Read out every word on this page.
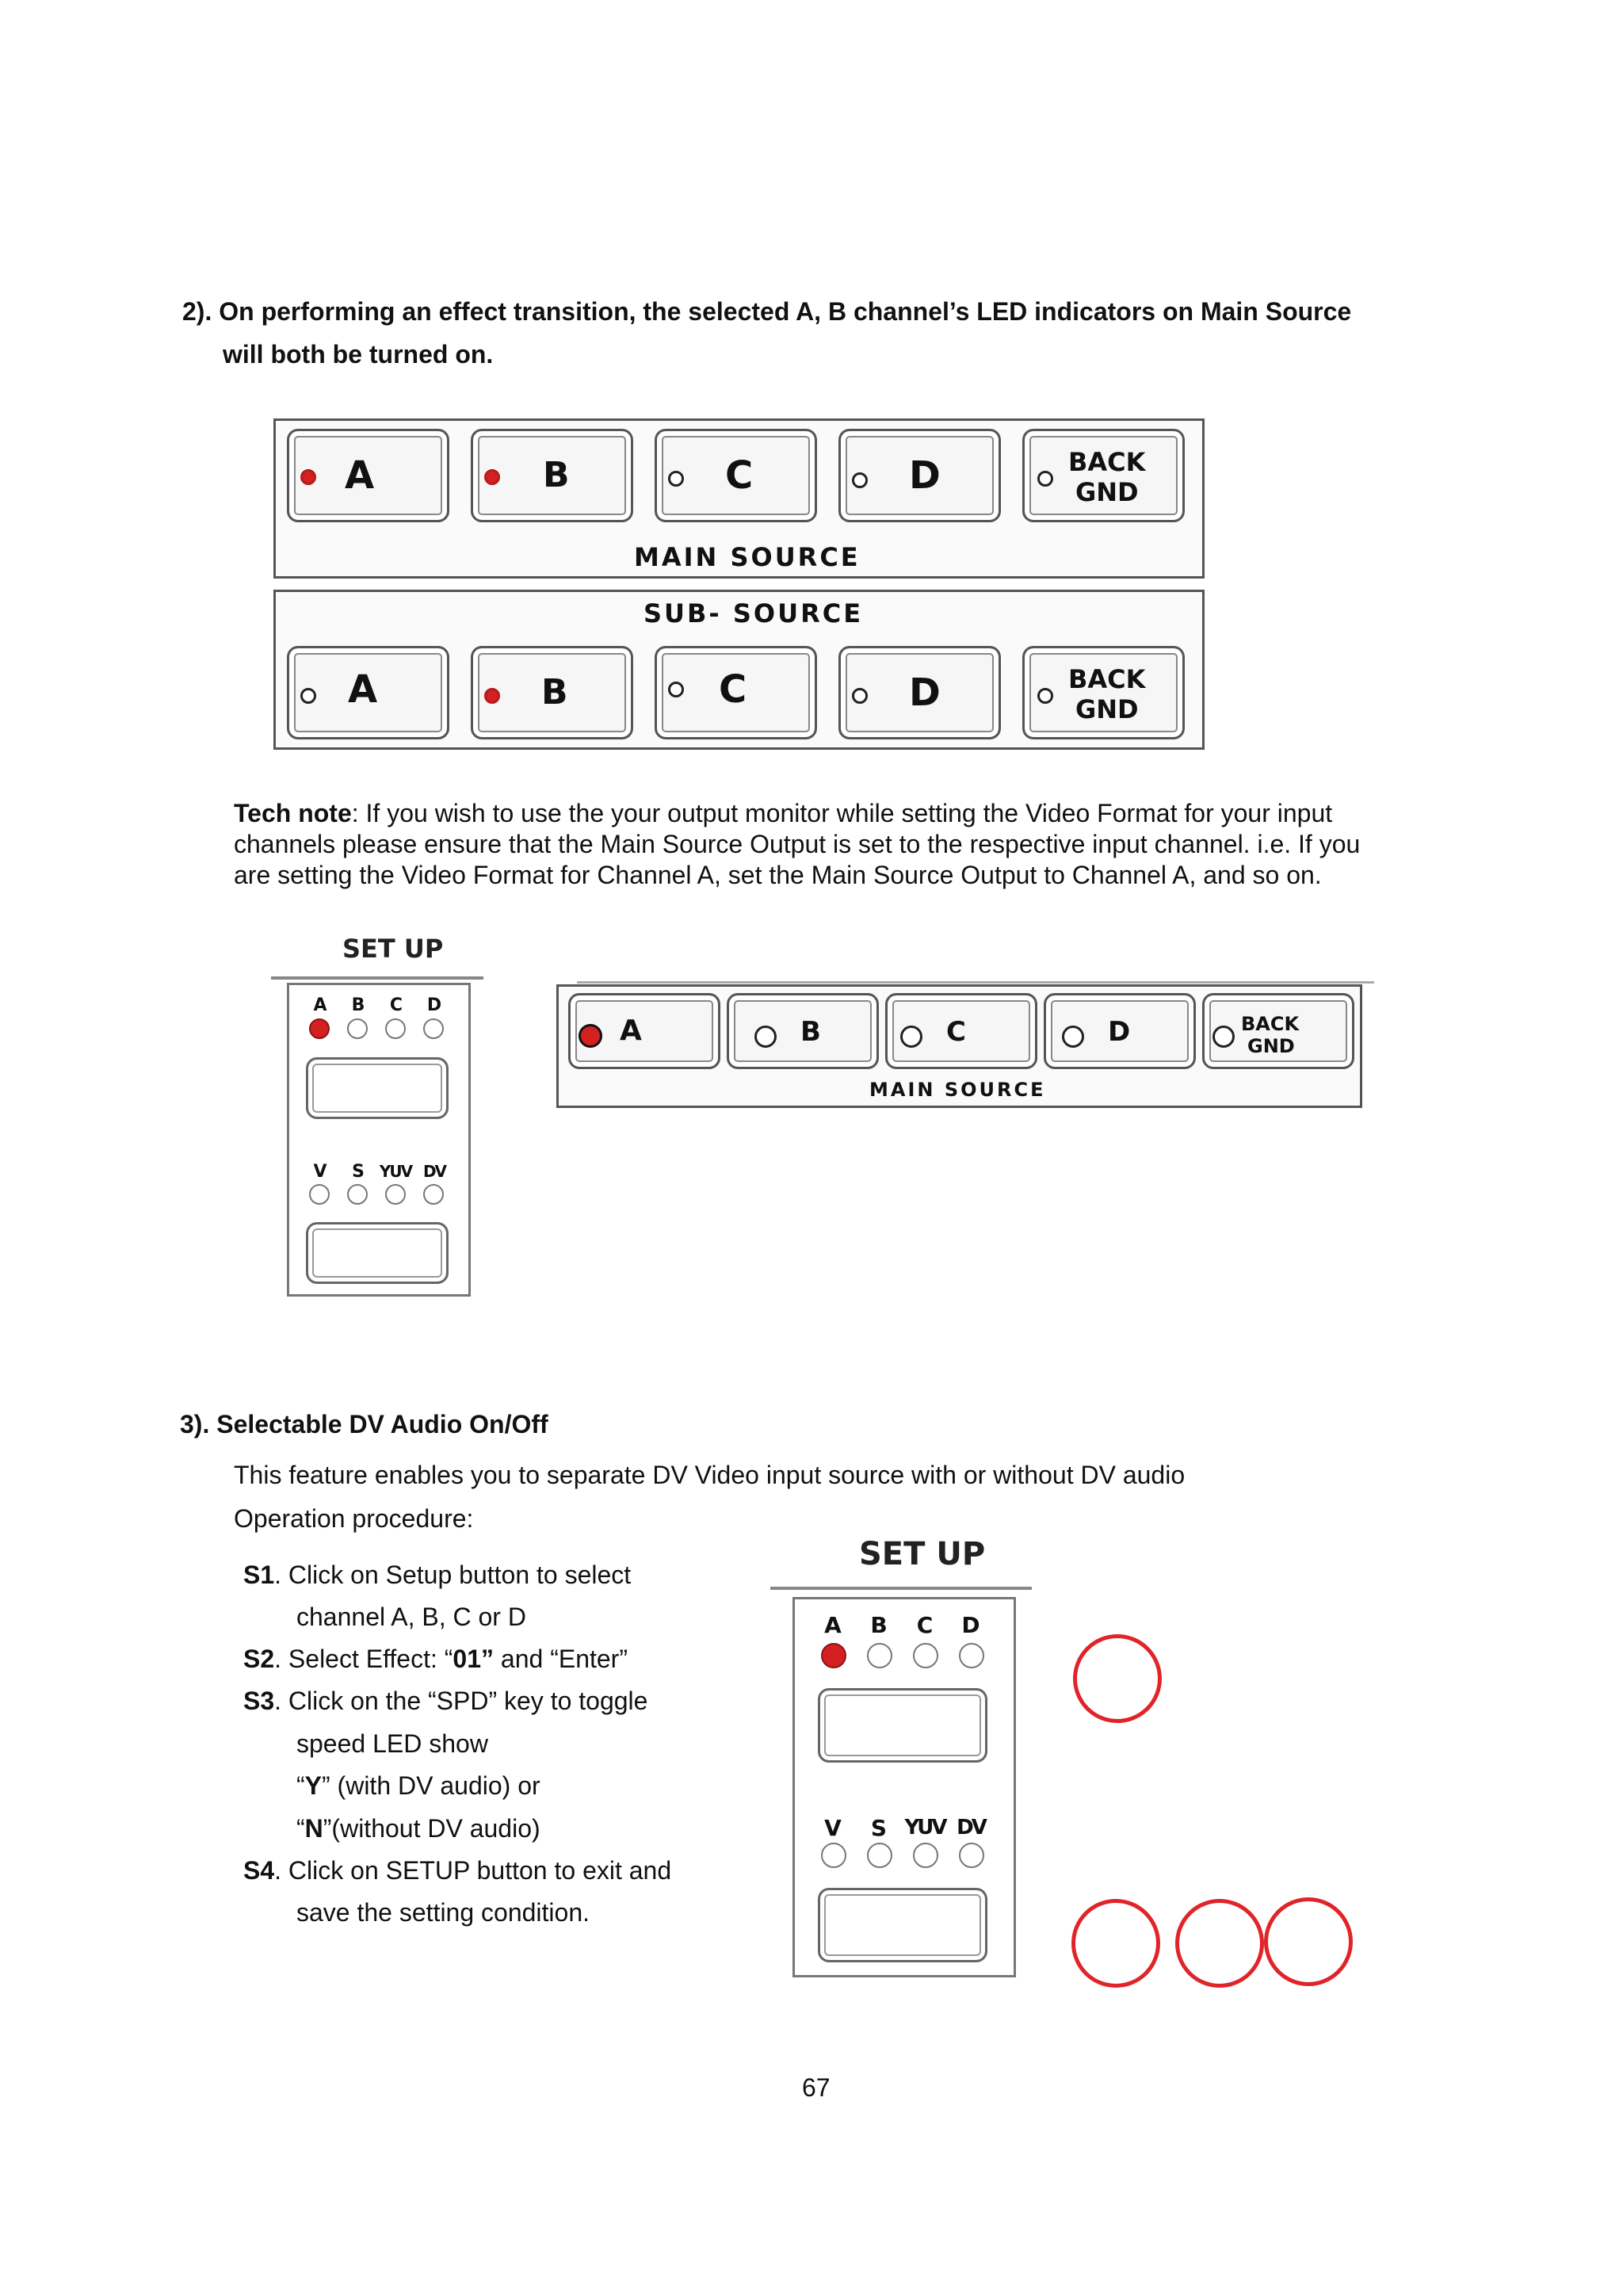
2). On performing an effect transition, the selected A, B channel’s LED indicators on Main Source
will both be turned on.
A	B	C	D	BACK
GND
MAIN SOURCE
SUB- SOURCE
A	B	C	D	BACK
GND
Tech note: If you wish to use the your output monitor while setting the Video Format for your input
channels please ensure that the Main Source Output is set to the respective input channel. i.e. If you
are setting the Video Format for Channel A, set the Main Source Output to Channel A, and so on.
SET UP
A B C D
V S YUV DV
A	B	C	D	BACK
GND
MAIN SOURCE
3). Selectable DV Audio On/Off
This feature enables you to separate DV Video input source with or without DV audio
Operation procedure:
S1. Click on Setup button to select
channel A, B, C or D
S2. Select Effect: “01” and “Enter”
S3. Click on the “SPD” key to toggle
speed LED show
“Y” (with DV audio) or
“N”(without DV audio)
S4. Click on SETUP button to exit and
save the setting condition.
SET UP
A B C D
V S YUV DV
67
